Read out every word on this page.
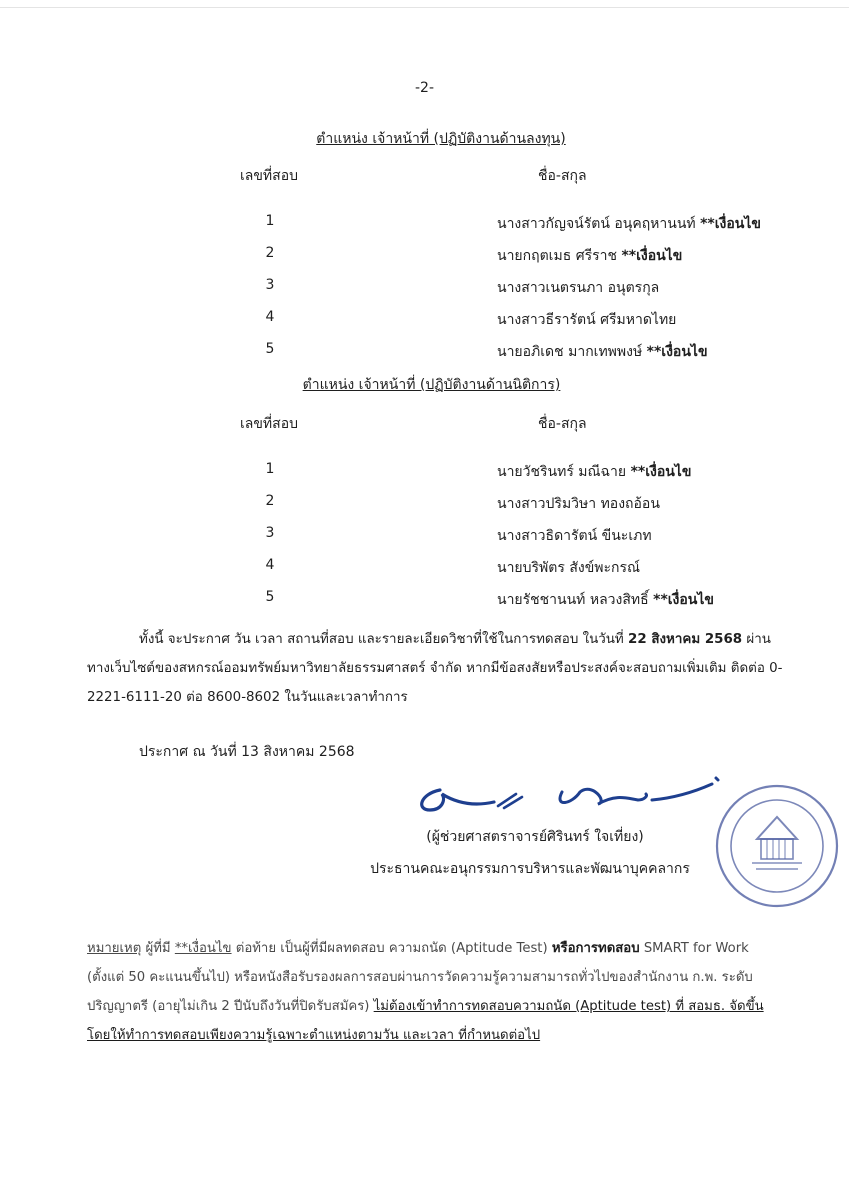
-2-
ตำแหน่ง เจ้าหน้าที่ (ปฏิบัติงานด้านลงทุน)
เลขที่สอบ	ชื่อ-สกุล
1	นางสาวกัญจน์รัตน์ อนุคฤหานนท์ **เงื่อนไข
2	นายกฤตเมธ ศรีราช **เงื่อนไข
3	นางสาวเนตรนภา อนุตรกุล
4	นางสาวธีรารัตน์ ศรีมหาดไทย
5	นายอภิเดช มากเทพพงษ์ **เงื่อนไข
ตำแหน่ง เจ้าหน้าที่ (ปฏิบัติงานด้านนิติการ)
เลขที่สอบ	ชื่อ-สกุล
1	นายวัชรินทร์ มณีฉาย **เงื่อนไข
2	นางสาวปริมวิษา ทองถอ้อน
3	นางสาวธิดารัตน์ ขีนะเภท
4	นายบริพัตร สังข์พะกรณ์
5	นายรัชชานนท์ หลวงสิทธิ์ **เงื่อนไข
ทั้งนี้ จะประกาศ วัน เวลา สถานที่สอบ และรายละเอียดวิชาที่ใช้ในการทดสอบ ในวันที่ 22 สิงหาคม 2568 ผ่านทางเว็บไซต์ของสหกรณ์ออมทรัพย์มหาวิทยาลัยธรรมศาสตร์ จำกัด หากมีข้อสงสัยหรือประสงค์จะสอบถามเพิ่มเติม ติดต่อ 0-2221-6111-20 ต่อ 8600-8602 ในวันและเวลาทำการ
ประกาศ ณ วันที่ 13 สิงหาคม 2568
(ผู้ช่วยศาสตราจารย์ศิรินทร์ ใจเที่ยง)
ประธานคณะอนุกรรมการบริหารและพัฒนาบุคคลากร
หมายเหตุ ผู้ที่มี **เงื่อนไข ต่อท้าย เป็นผู้ที่มีผลทดสอบ ความถนัด (Aptitude Test) หรือการทดสอบ SMART for Work (ตั้งแต่ 50 คะแนนขึ้นไป) หรือหนังสือรับรองผลการสอบผ่านการวัดความรู้ความสามารถทั่วไปของสำนักงาน ก.พ. ระดับปริญญาตรี (อายุไม่เกิน 2 ปีนับถึงวันที่ปิดรับสมัคร) ไม่ต้องเข้าทำการทดสอบความถนัด (Aptitude test) ที่ สอมธ. จัดขึ้น โดยให้ทำการทดสอบเพียงความรู้เฉพาะตำแหน่งตามวัน และเวลา ที่กำหนดต่อไป
